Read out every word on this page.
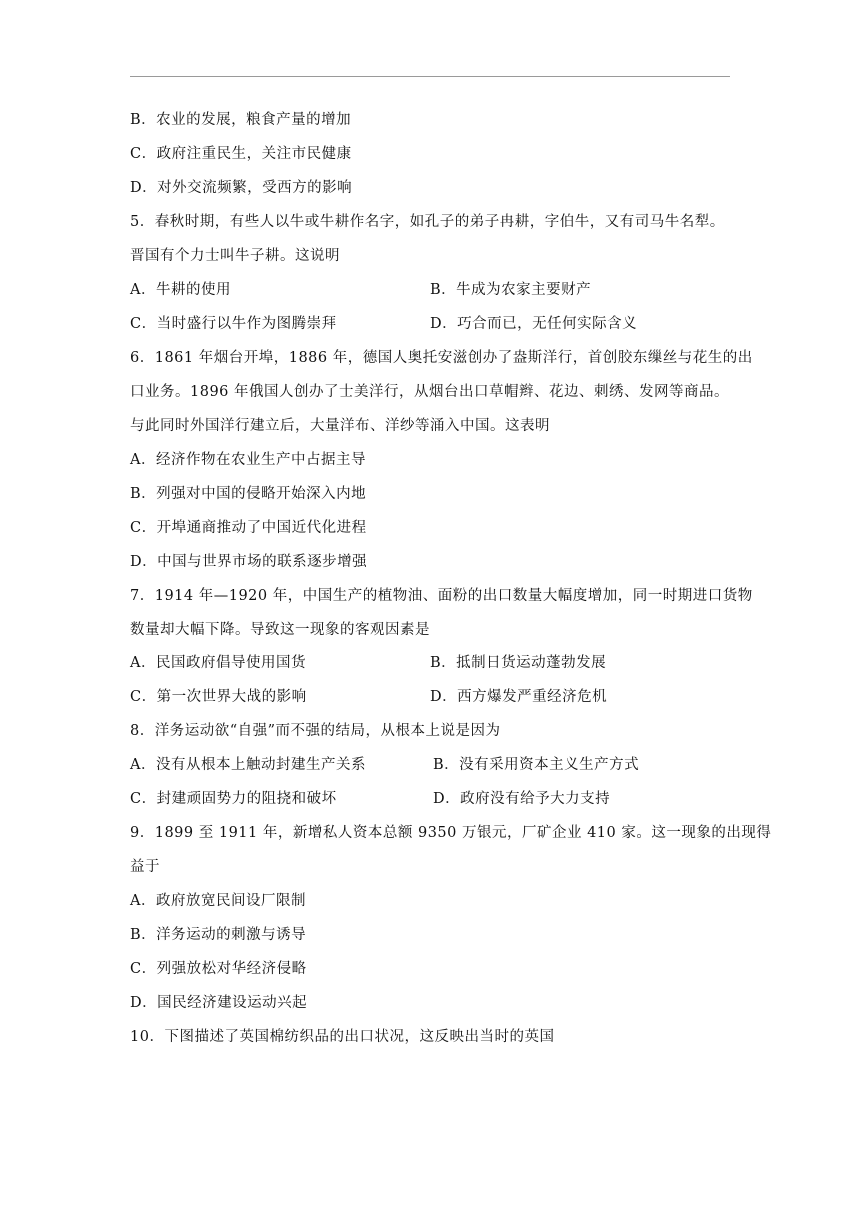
B．农业的发展，粮食产量的增加
C．政府注重民生，关注市民健康
D．对外交流频繁，受西方的影响
5．春秋时期，有些人以牛或牛耕作名字，如孔子的弟子冉耕，字伯牛，又有司马牛名犁。
晋国有个力士叫牛子耕。这说明
A．牛耕的使用	B．牛成为农家主要财产
C．当时盛行以牛作为图腾崇拜	D．巧合而已，无任何实际含义
6．1861 年烟台开埠，1886 年，德国人奥托安滋创办了盎斯洋行，首创胶东缫丝与花生的出
口业务。1896 年俄国人创办了士美洋行，从烟台出口草帽辫、花边、刺绣、发网等商品。
与此同时外国洋行建立后，大量洋布、洋纱等涌入中国。这表明
A．经济作物在农业生产中占据主导
B．列强对中国的侵略开始深入内地
C．开埠通商推动了中国近代化进程
D．中国与世界市场的联系逐步增强
7．1914 年—1920 年，中国生产的植物油、面粉的出口数量大幅度增加，同一时期进口货物
数量却大幅下降。导致这一现象的客观因素是
A．民国政府倡导使用国货	B．抵制日货运动蓬勃发展
C．第一次世界大战的影响	D．西方爆发严重经济危机
8．洋务运动欲“自强”而不强的结局，从根本上说是因为
A．没有从根本上触动封建生产关系	B．没有采用资本主义生产方式
C．封建顽固势力的阻挠和破坏	D．政府没有给予大力支持
9．1899 至 1911 年，新增私人资本总额 9350 万银元，厂矿企业 410 家。这一现象的出现得
益于
A．政府放宽民间设厂限制
B．洋务运动的刺激与诱导
C．列强放松对华经济侵略
D．国民经济建设运动兴起
10．下图描述了英国棉纺织品的出口状况，这反映出当时的英国
